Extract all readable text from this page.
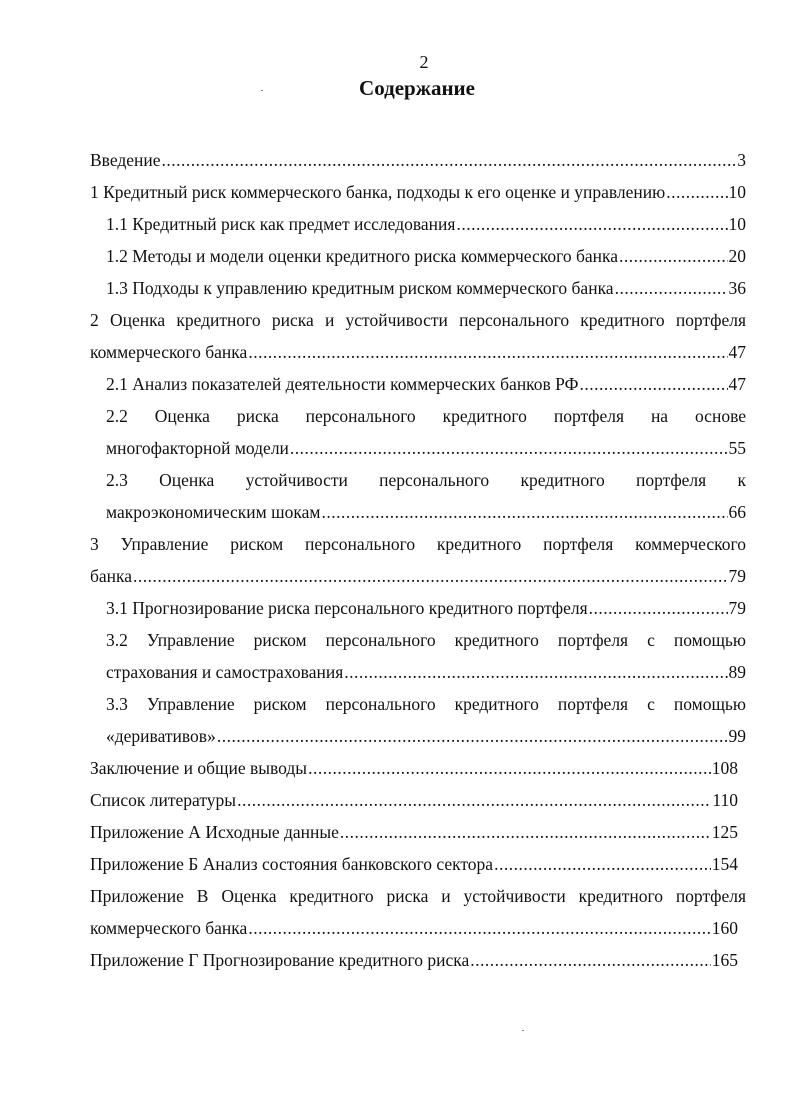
2
Содержание
Введение .....	3
1 Кредитный риск коммерческого банка, подходы к его оценке и управлению .....	10
1.1 Кредитный риск как предмет исследования .....	10
1.2 Методы и модели оценки кредитного риска коммерческого банка .....	20
1.3 Подходы к управлению кредитным риском коммерческого банка .....	36
2 Оценка кредитного риска и устойчивости персонального кредитного портфеля
коммерческого банка .....	47
2.1 Анализ показателей деятельности коммерческих банков РФ .....	47
2.2 Оценка риска персонального кредитного портфеля на основе
многофакторной модели .....	55
2.3 Оценка устойчивости персонального кредитного портфеля к
макроэкономическим шокам .....	66
3 Управление риском персонального кредитного портфеля коммерческого
банка .....	79
3.1 Прогнозирование риска персонального кредитного портфеля .....	79
3.2 Управление риском персонального кредитного портфеля с помощью
страхования и самострахования .....	89
3.3 Управление риском персонального кредитного портфеля с помощью
«деривативов» .....	99
Заключение и общие выводы .....	108
Список литературы .....	110
Приложение А Исходные данные .....	125
Приложение Б Анализ состояния банковского сектора .....	154
Приложение В Оценка кредитного риска и устойчивости кредитного портфеля
коммерческого банка .....	160
Приложение Г Прогнозирование кредитного риска .....	165
